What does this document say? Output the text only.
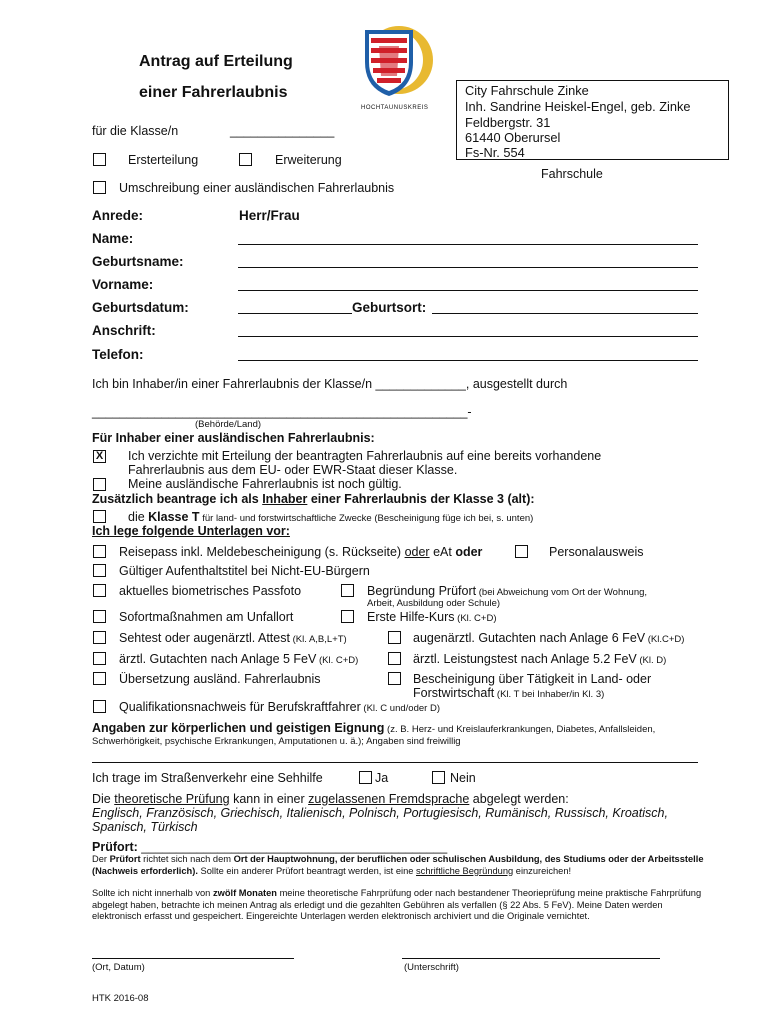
Antrag auf Erteilung
einer Fahrerlaubnis
HOCHTAUNUSKREIS
für die Klasse/n	_______________
City Fahrschule Zinke
Inh. Sandrine Heiskel-Engel, geb. Zinke
Feldbergstr. 31
61440 Oberursel
Fs-Nr. 554
Fahrschule
Ersterteilung	Erweiterung
Umschreibung einer ausländischen Fahrerlaubnis
Anrede:	Herr/Frau
Name:
Geburtsname:
Vorname:
Geburtsdatum:	Geburtsort:
Anschrift:
Telefon:
Ich bin Inhaber/in einer Fahrerlaubnis der Klasse/n _____________, ausgestellt durch
______________________________________________________-
(Behörde/Land)
Für Inhaber einer ausländischen Fahrerlaubnis:
X Ich verzichte mit Erteilung der beantragten Fahrerlaubnis auf eine bereits vorhandene
Fahrerlaubnis aus dem EU- oder EWR-Staat dieser Klasse.
Meine ausländische Fahrerlaubnis ist noch gültig.
Zusätzlich beantrage ich als Inhaber einer Fahrerlaubnis der Klasse 3 (alt):
die Klasse T für land- und forstwirtschaftliche Zwecke (Bescheinigung füge ich bei, s. unten)
Ich lege folgende Unterlagen vor:
Reisepass inkl. Meldebescheinigung (s. Rückseite) oder eAt oder	Personalausweis
Gültiger Aufenthaltstitel bei Nicht-EU-Bürgern
aktuelles biometrisches Passfoto	Begründung Prüfort (bei Abweichung vom Ort der Wohnung,
Arbeit, Ausbildung oder Schule)
Sofortmaßnahmen am Unfallort	Erste Hilfe-Kurs (Kl. C+D)
Sehtest oder augenärztl. Attest (Kl. A,B,L+T)	augenärztl. Gutachten nach Anlage 6 FeV (Kl.C+D)
ärztl. Gutachten nach Anlage 5 FeV (Kl. C+D)	ärztl. Leistungstest nach Anlage 5.2 FeV (Kl. D)
Übersetzung ausländ. Fahrerlaubnis	Bescheinigung über Tätigkeit in Land- oder
Forstwirtschaft (Kl. T bei Inhaber/in Kl. 3)
Qualifikationsnachweis für Berufskraftfahrer (Kl. C und/oder D)
Angaben zur körperlichen und geistigen Eignung (z. B. Herz- und Kreislauferkrankungen, Diabetes, Anfallsleiden,
Schwerhörigkeit, psychische Erkrankungen, Amputationen u. ä.); Angaben sind freiwillig
Ich trage im Straßenverkehr eine Sehhilfe	Ja	Nein
Die theoretische Prüfung kann in einer zugelassenen Fremdsprache abgelegt werden:
Englisch, Französisch, Griechisch, Italienisch, Polnisch, Portugiesisch, Rumänisch, Russisch, Kroatisch,
Spanisch, Türkisch
Prüfort: ____________________________________________
Der Prüfort richtet sich nach dem Ort der Hauptwohnung, der beruflichen oder schulischen Ausbildung, des Studiums oder der Arbeitsstelle (Nachweis erforderlich). Sollte ein anderer Prüfort beantragt werden, ist eine schriftliche Begründung einzureichen!
Sollte ich nicht innerhalb von zwölf Monaten meine theoretische Fahrprüfung oder nach bestandener Theorieprüfung meine praktische Fahrprüfung abgelegt haben, betrachte ich meinen Antrag als erledigt und die gezahlten Gebühren als verfallen (§ 22 Abs. 5 FeV). Meine Daten werden elektronisch erfasst und gespeichert. Eingereichte Unterlagen werden elektronisch archiviert und die Originale vernichtet.
(Ort, Datum)	(Unterschrift)
HTK 2016-08
